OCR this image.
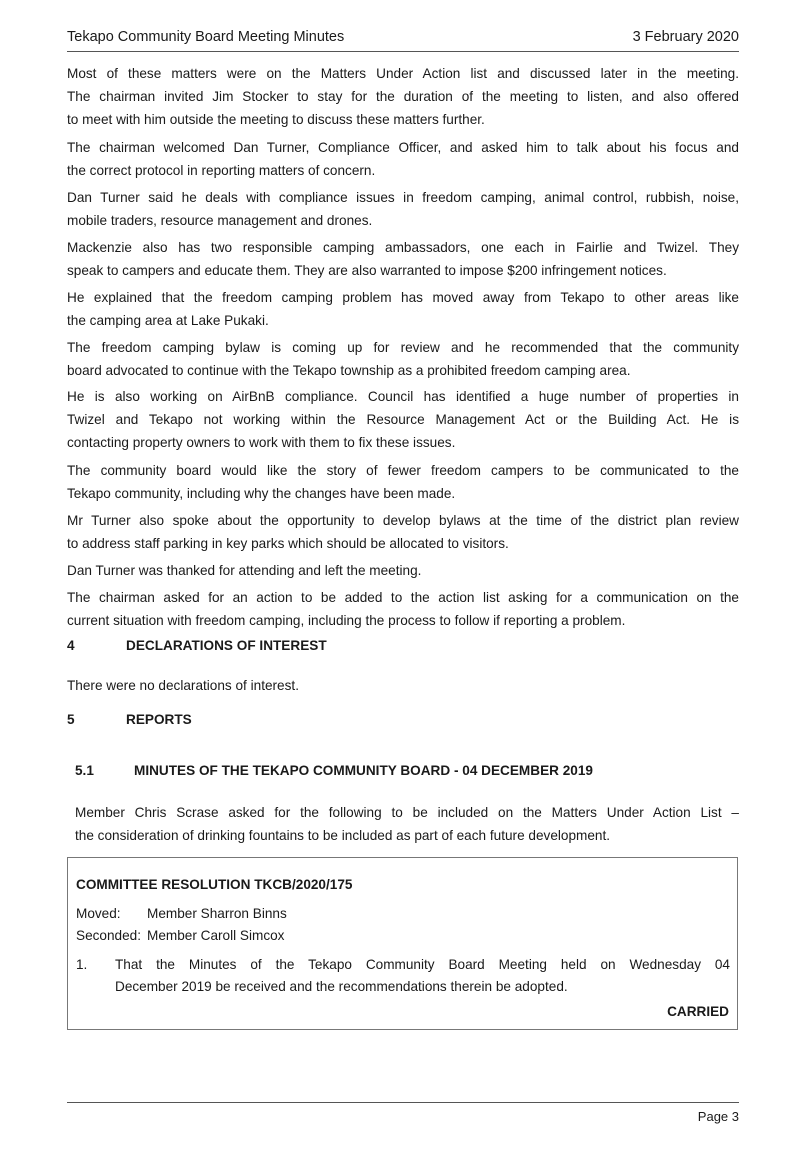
Tekapo Community Board Meeting Minutes	3 February 2020
Most of these matters were on the Matters Under Action list and discussed later in the meeting.
The chairman invited Jim Stocker to stay for the duration of the meeting to listen, and also offered
to meet with him outside the meeting to discuss these matters further.
The chairman welcomed Dan Turner, Compliance Officer, and asked him to talk about his focus and
the correct protocol in reporting matters of concern.
Dan Turner said he deals with compliance issues in freedom camping, animal control, rubbish, noise,
mobile traders, resource management and drones.
Mackenzie also has two responsible camping ambassadors, one each in Fairlie and Twizel. They
speak to campers and educate them. They are also warranted to impose $200 infringement notices.
He explained that the freedom camping problem has moved away from Tekapo to other areas like
the camping area at Lake Pukaki.
The freedom camping bylaw is coming up for review and he recommended that the community
board advocated to continue with the Tekapo township as a prohibited freedom camping area.
He is also working on AirBnB compliance. Council has identified a huge number of properties in
Twizel and Tekapo not working within the Resource Management Act or the Building Act. He is
contacting property owners to work with them to fix these issues.
The community board would like the story of fewer freedom campers to be communicated to the
Tekapo community, including why the changes have been made.
Mr Turner also spoke about the opportunity to develop bylaws at the time of the district plan review
to address staff parking in key parks which should be allocated to visitors.
Dan Turner was thanked for attending and left the meeting.
The chairman asked for an action to be added to the action list asking for a communication on the
current situation with freedom camping, including the process to follow if reporting a problem.
4	DECLARATIONS OF INTEREST
There were no declarations of interest.
5	REPORTS
5.1	MINUTES OF THE TEKAPO COMMUNITY BOARD - 04 DECEMBER 2019
Member Chris Scrase asked for the following to be included on the Matters Under Action List –
the consideration of drinking fountains to be included as part of each future development.
COMMITTEE RESOLUTION TKCB/2020/175
Moved: Member Sharron Binns
Seconded: Member Caroll Simcox
1. That the Minutes of the Tekapo Community Board Meeting held on Wednesday 04
December 2019 be received and the recommendations therein be adopted.
CARRIED
Page 3
